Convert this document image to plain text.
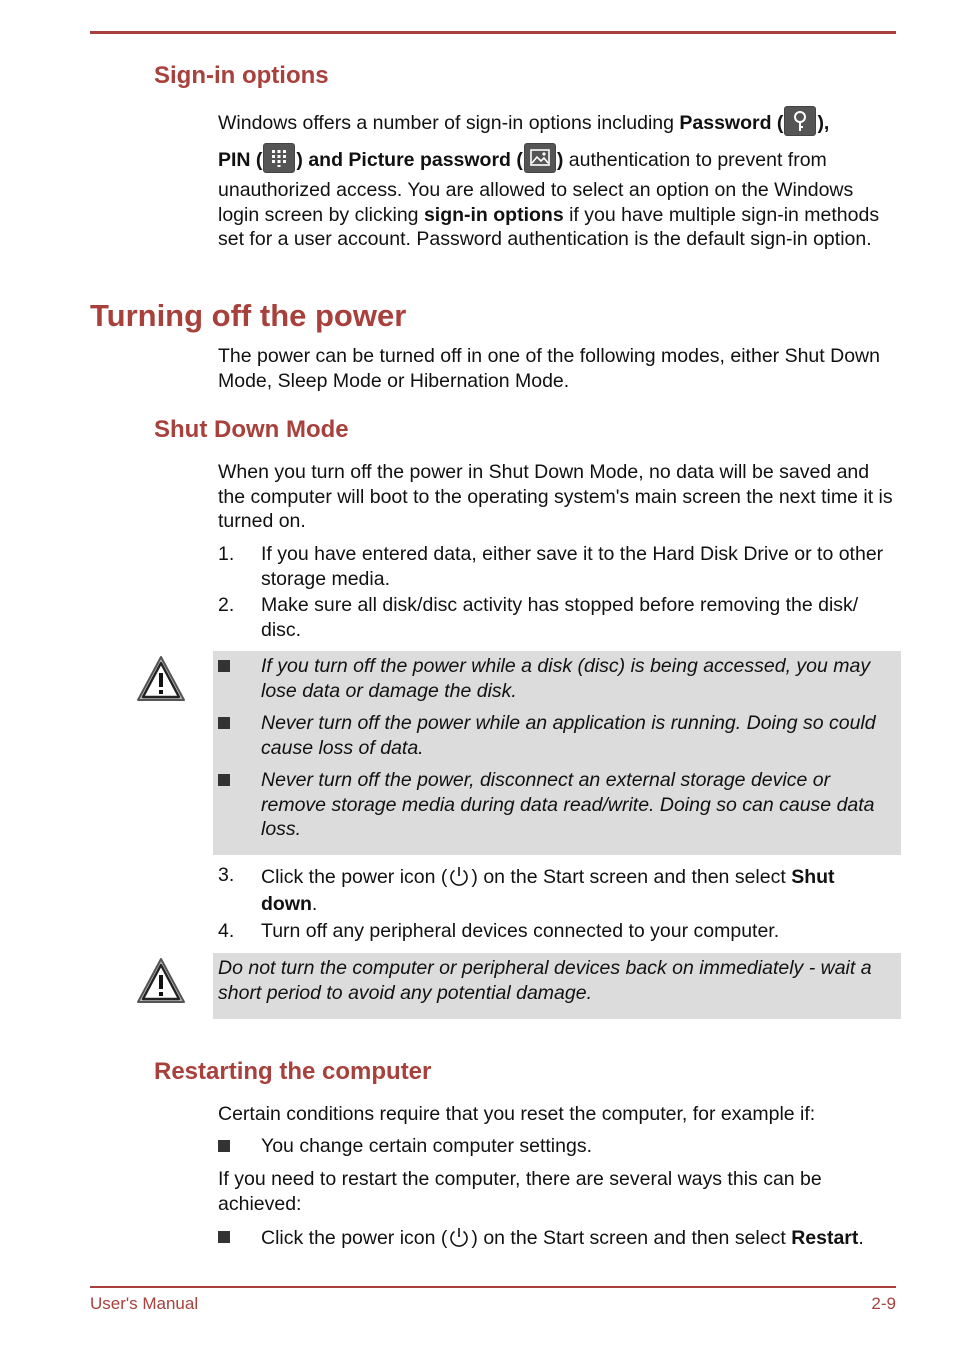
Sign-in options

Windows offers a number of sign-in options including Password ( ),

PIN ( ) and Picture password ( ) authentication to prevent from

unauthorized access. You are allowed to select an option on the Windows login screen by clicking sign-in options if you have multiple sign-in methods set for a user account. Password authentication is the default sign-in option.

Turning off the power

The power can be turned off in one of the following modes, either Shut Down Mode, Sleep Mode or Hibernation Mode.

Shut Down Mode

When you turn off the power in Shut Down Mode, no data will be saved and the computer will boot to the operating system's main screen the next time it is turned on.

1. If you have entered data, either save it to the Hard Disk Drive or to other storage media.
2. Make sure all disk/disc activity has stopped before removing the disk/ disc.
If you turn off the power while a disk (disc) is being accessed, you may lose data or damage the disk.
Never turn off the power while an application is running. Doing so could cause loss of data.
Never turn off the power, disconnect an external storage device or remove storage media during data read/write. Doing so can cause data loss.
3. Click the power icon ( ) on the Start screen and then select Shut down.
4. Turn off any peripheral devices connected to your computer.
Do not turn the computer or peripheral devices back on immediately - wait a short period to avoid any potential damage.
Restarting the computer

Certain conditions require that you reset the computer, for example if:

You change certain computer settings.

If you need to restart the computer, there are several ways this can be achieved:

Click the power icon ( ) on the Start screen and then select Restart.
User's Manual	2-9
